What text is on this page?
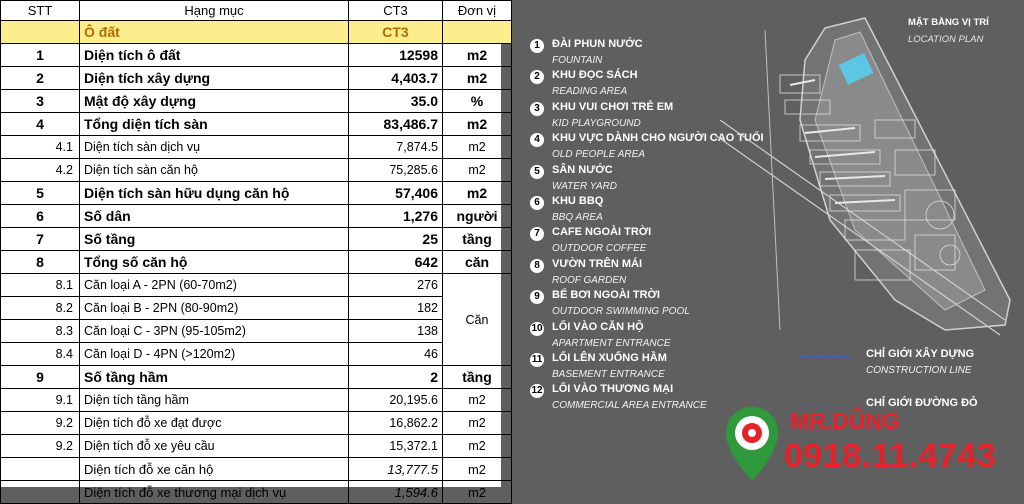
STT	Hạng mục	CT3	Đơn vị
	Ô đất	CT3	
1	Diện tích ô đất	12598	m2
2	Diện tích xây dựng	4,403.7	m2
3	Mật độ xây dựng	35.0	%
4	Tổng diện tích sàn	83,486.7	m2
4.1	Diện tích sàn dịch vụ	7,874.5	m2
4.2	Diện tích sàn căn hộ	75,285.6	m2
5	Diện tích sàn hữu dụng căn hộ	57,406	m2
6	Số dân	1,276	người
7	Số tầng	25	tầng
8	Tổng số căn hộ	642	căn
8.1	Căn loại A - 2PN (60-70m2)	276	Căn
8.2	Căn loại B - 2PN (80-90m2)	182	
8.3	Căn loại C - 3PN (95-105m2)	138	
8.4	Căn loại D - 4PN (>120m2)	46	
9	Số tầng hầm	2	tầng
9.1	Diện tích tầng hầm	20,195.6	m2
9.2	Diện tích đỗ xe đạt được	16,862.2	m2
9.2	Diện tích đỗ xe yêu cầu	15,372.1	m2
	Diện tích đỗ xe căn hộ	13,777.5	m2
	Diện tích đỗ xe thương mại dịch vụ	1,594.6	m2
1	ĐÀI PHUN NƯỚC
FOUNTAIN
2	KHU ĐỌC SÁCH
READING AREA
3	KHU VUI CHƠI TRẺ EM
KID PLAYGROUND
4	KHU VỰC DÀNH CHO NGƯỜI CAO TUỔI
OLD PEOPLE AREA
5	SÂN NƯỚC
WATER YARD
6	KHU BBQ
BBQ AREA
7	CAFE NGOÀI TRỜI
OUTDOOR COFFEE
8	VƯỜN TRÊN MÁI
ROOF GARDEN
9	BỂ BƠI NGOÀI TRỜI
OUTDOOR SWIMMING POOL
10 LỐI VÀO CĂN HỘ
APARTMENT ENTRANCE
11 LỐI LÊN XUỐNG HẦM
BASEMENT ENTRANCE
12 LỐI VÀO THƯƠNG MẠI
COMMERCIAL AREA ENTRANCE
MẶT BẰNG VỊ TRÍ
LOCATION PLAN
CHỈ GIỚI XÂY DỰNG
CONSTRUCTION LINE
CHỈ GIỚI ĐƯỜNG ĐỎ
MR.DŨNG
0918.11.4743
